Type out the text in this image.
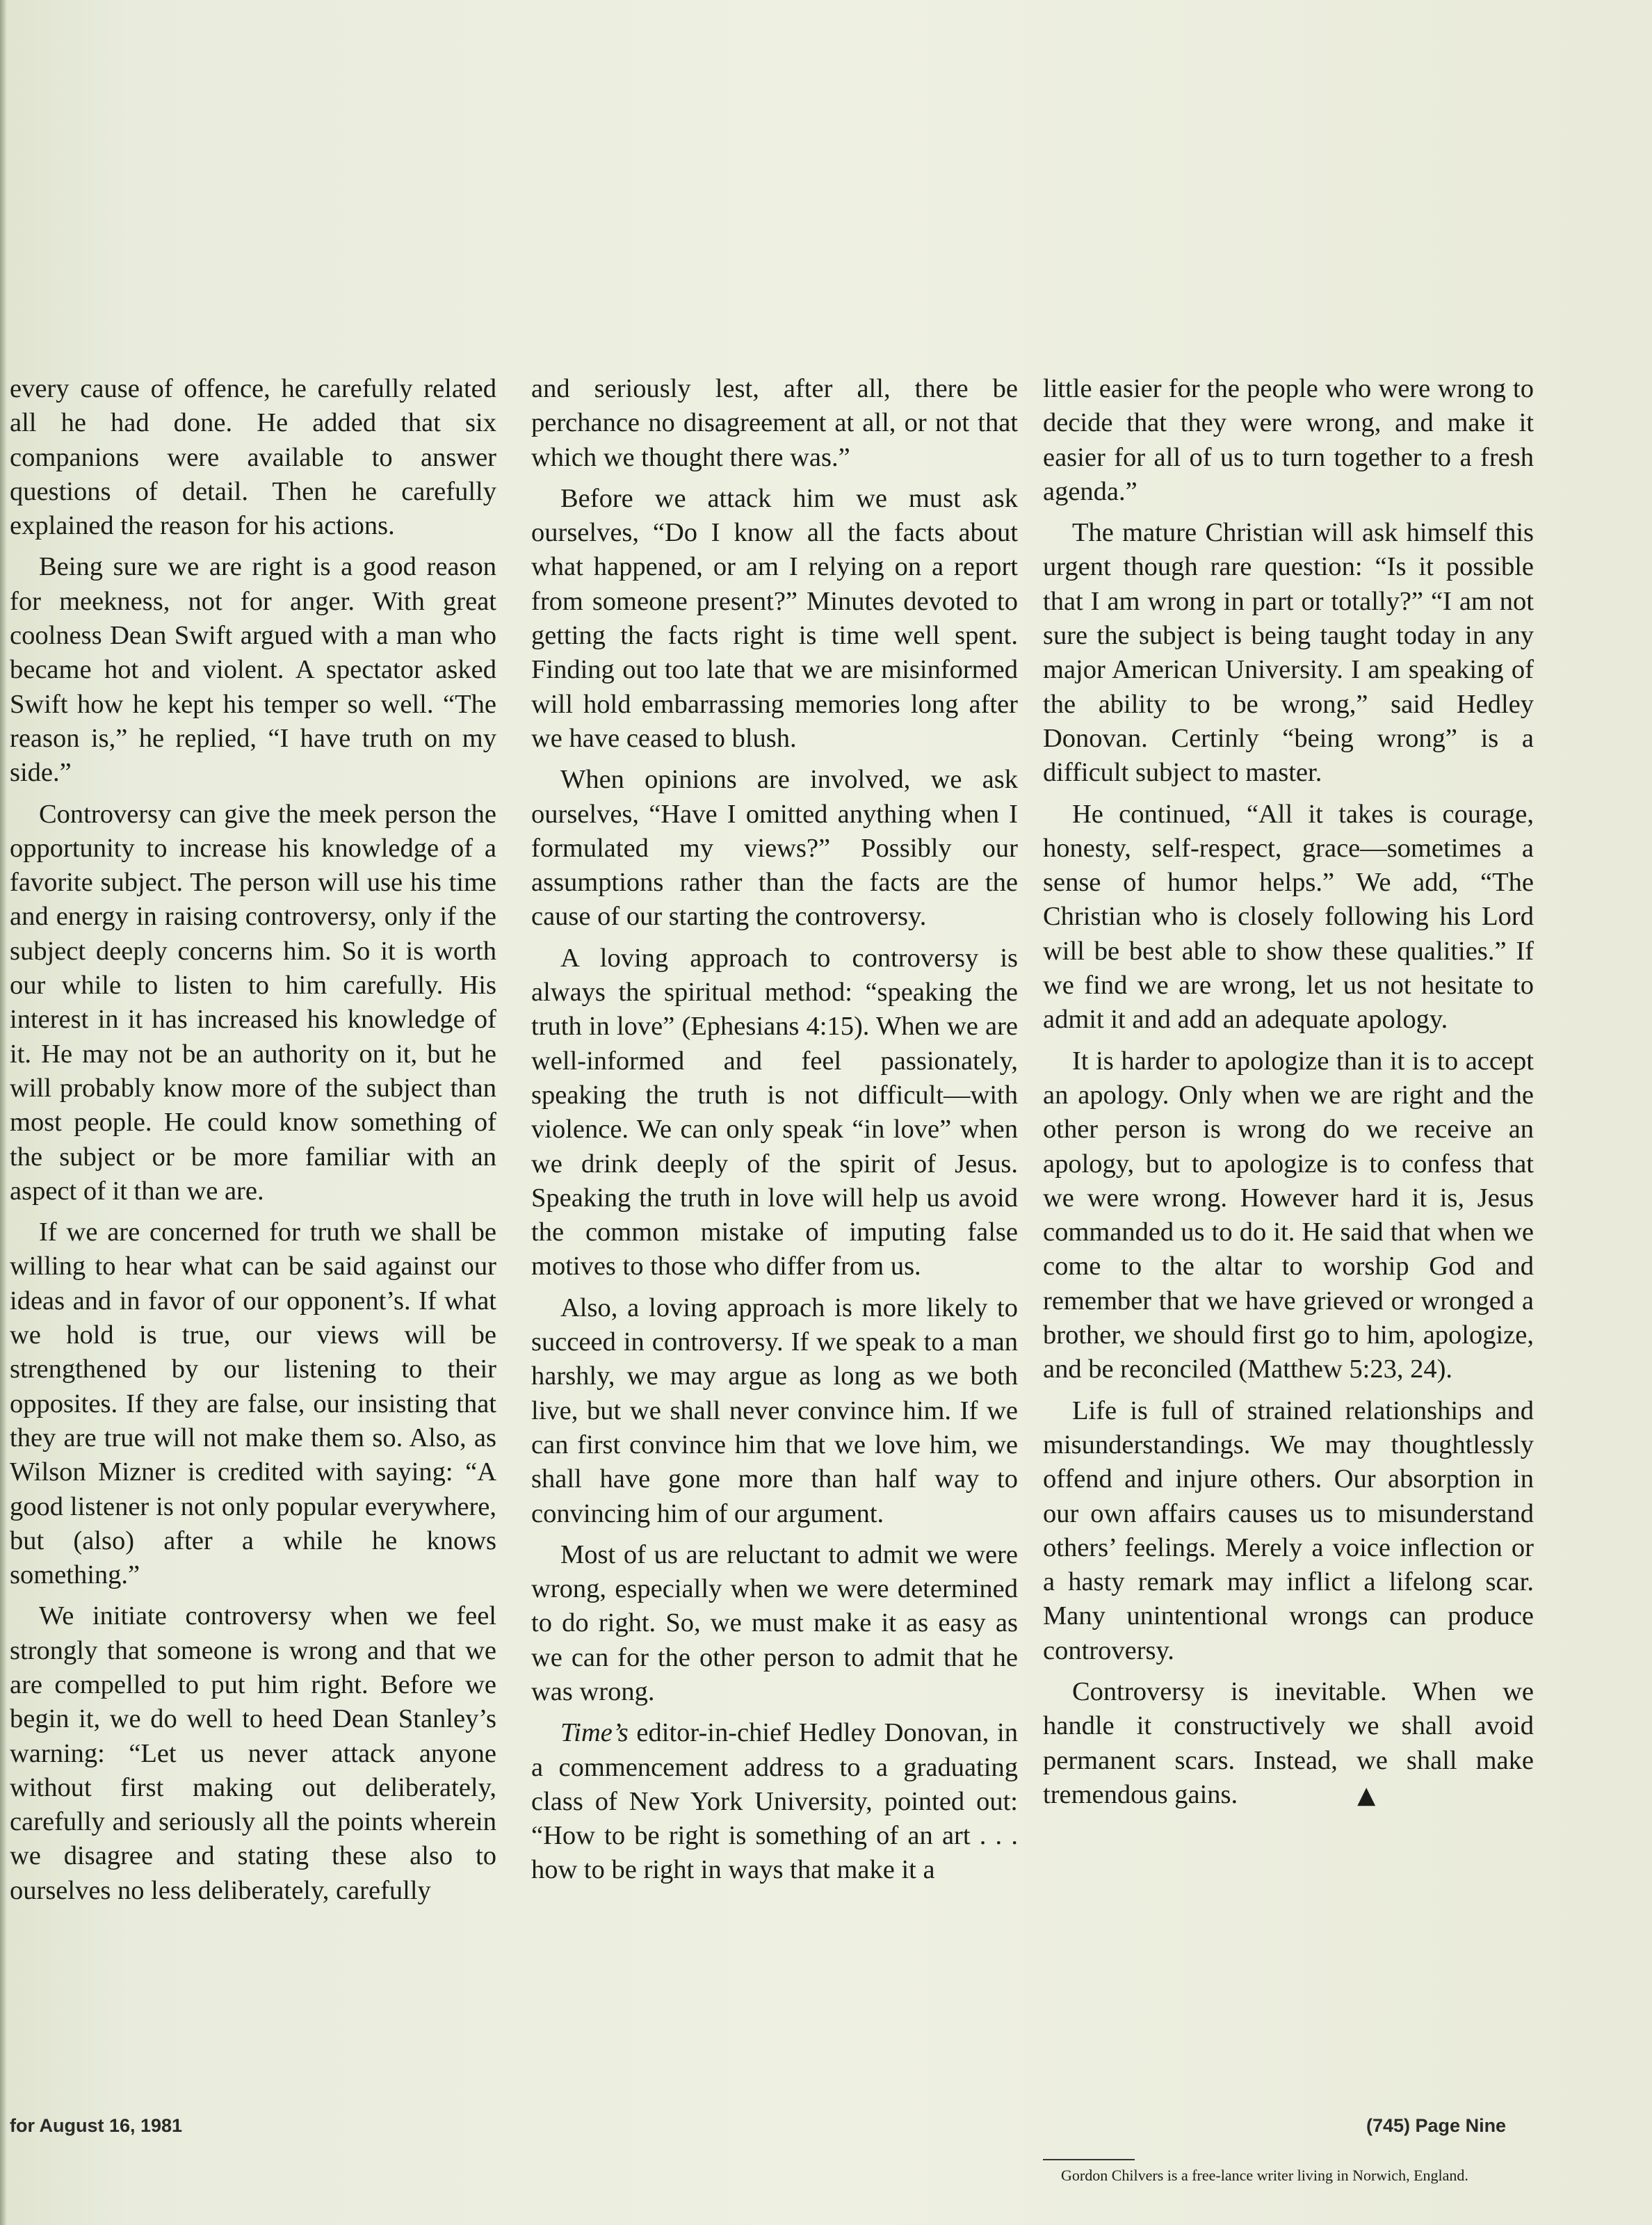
every cause of offence, he carefully related all he had done. He added that six companions were available to answer questions of detail. Then he carefully explained the reason for his actions.

Being sure we are right is a good reason for meekness, not for anger. With great coolness Dean Swift argued with a man who became hot and violent. A spectator asked Swift how he kept his temper so well. “The reason is,” he replied, “I have truth on my side.”

Controversy can give the meek person the opportunity to increase his knowledge of a favorite subject. The person will use his time and energy in raising controversy, only if the subject deeply concerns him. So it is worth our while to listen to him carefully. His interest in it has increased his knowledge of it. He may not be an authority on it, but he will probably know more of the subject than most people. He could know something of the subject or be more familiar with an aspect of it than we are.

If we are concerned for truth we shall be willing to hear what can be said against our ideas and in favor of our opponent’s. If what we hold is true, our views will be strengthened by our listening to their opposites. If they are false, our insisting that they are true will not make them so. Also, as Wilson Mizner is credited with saying: “A good listener is not only popular everywhere, but (also) after a while he knows something.”

We initiate controversy when we feel strongly that someone is wrong and that we are compelled to put him right. Before we begin it, we do well to heed Dean Stanley’s warning: “Let us never attack anyone without first making out deliberately, carefully and seriously all the points wherein we disagree and stating these also to ourselves no less deliberately, carefully

and seriously lest, after all, there be perchance no disagreement at all, or not that which we thought there was.”

Before we attack him we must ask ourselves, “Do I know all the facts about what happened, or am I relying on a report from someone present?” Minutes devoted to getting the facts right is time well spent. Finding out too late that we are misinformed will hold embarrassing memories long after we have ceased to blush.

When opinions are involved, we ask ourselves, “Have I omitted anything when I formulated my views?” Possibly our assumptions rather than the facts are the cause of our starting the controversy.

A loving approach to controversy is always the spiritual method: “speaking the truth in love” (Ephesians 4:15). When we are well-informed and feel passionately, speaking the truth is not difficult—with violence. We can only speak “in love” when we drink deeply of the spirit of Jesus. Speaking the truth in love will help us avoid the common mistake of imputing false motives to those who differ from us.

Also, a loving approach is more likely to succeed in controversy. If we speak to a man harshly, we may argue as long as we both live, but we shall never convince him. If we can first convince him that we love him, we shall have gone more than half way to convincing him of our argument.

Most of us are reluctant to admit we were wrong, especially when we were determined to do right. So, we must make it as easy as we can for the other person to admit that he was wrong.

Time’s editor-in-chief Hedley Donovan, in a commencement address to a graduating class of New York University, pointed out: “How to be right is something of an art . . . how to be right in ways that make it a

little easier for the people who were wrong to decide that they were wrong, and make it easier for all of us to turn together to a fresh agenda.”

The mature Christian will ask himself this urgent though rare question: “Is it possible that I am wrong in part or totally?” “I am not sure the subject is being taught today in any major American University. I am speaking of the ability to be wrong,” said Hedley Donovan. Certinly “being wrong” is a difficult subject to master.

He continued, “All it takes is courage, honesty, self-respect, grace—sometimes a sense of humor helps.” We add, “The Christian who is closely following his Lord will be best able to show these qualities.” If we find we are wrong, let us not hesitate to admit it and add an adequate apology.

It is harder to apologize than it is to accept an apology. Only when we are right and the other person is wrong do we receive an apology, but to apologize is to confess that we were wrong. However hard it is, Jesus commanded us to do it. He said that when we come to the altar to worship God and remember that we have grieved or wronged a brother, we should first go to him, apologize, and be reconciled (Matthew 5:23, 24).

Life is full of strained relationships and misunderstandings. We may thoughtlessly offend and injure others. Our absorption in our own affairs causes us to misunderstand others’ feelings. Merely a voice inflection or a hasty remark may inflict a lifelong scar. Many unintentional wrongs can produce controversy.

Controversy is inevitable. When we handle it constructively we shall avoid permanent scars. Instead, we shall make tremendous gains.	▲

Gordon Chilvers is a free-lance writer living in Norwich, England.
for August 16, 1981	(745) Page Nine
